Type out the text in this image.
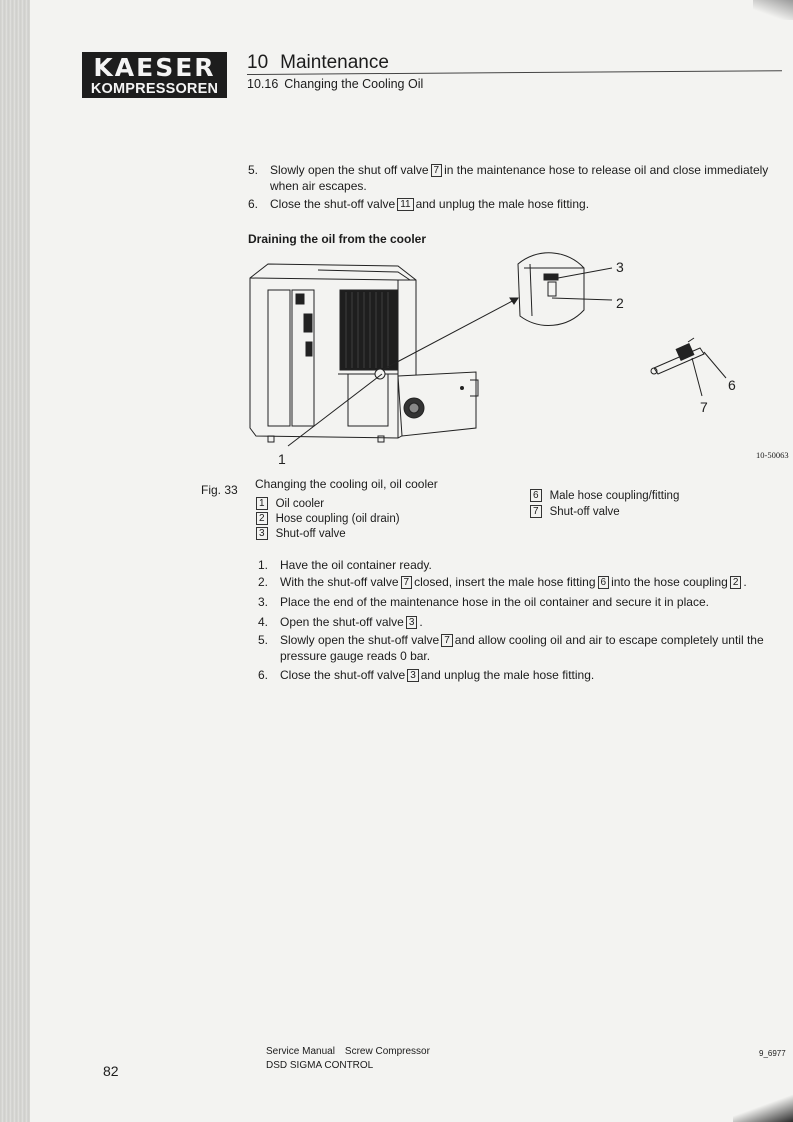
KAESER
KOMPRESSOREN
10 Maintenance
10.16 Changing the Cooling Oil
5. Slowly open the shut off valve 7 in the maintenance hose to release oil and close immediately
when air escapes.
6. Close the shut-off valve 11 and unplug the male hose fitting.
Draining the oil from the cooler
1
2
3
6
7
10-50063
Fig. 33 Changing the cooling oil, oil cooler
1 Oil cooler
2 Hose coupling (oil drain)
3 Shut-off valve
6 Male hose coupling/fitting
7 Shut-off valve
1. Have the oil container ready.
2. With the shut-off valve 7 closed, insert the male hose fitting 6 into the hose coupling 2 .
3. Place the end of the maintenance hose in the oil container and secure it in place.
4. Open the shut-off valve 3 .
5. Slowly open the shut-off valve 7 and allow cooling oil and air to escape completely until the
pressure gauge reads 0 bar.
6. Close the shut-off valve 3 and unplug the male hose fitting.
Service Manual Screw Compressor
DSD SIGMA CONTROL
82
9_6977
